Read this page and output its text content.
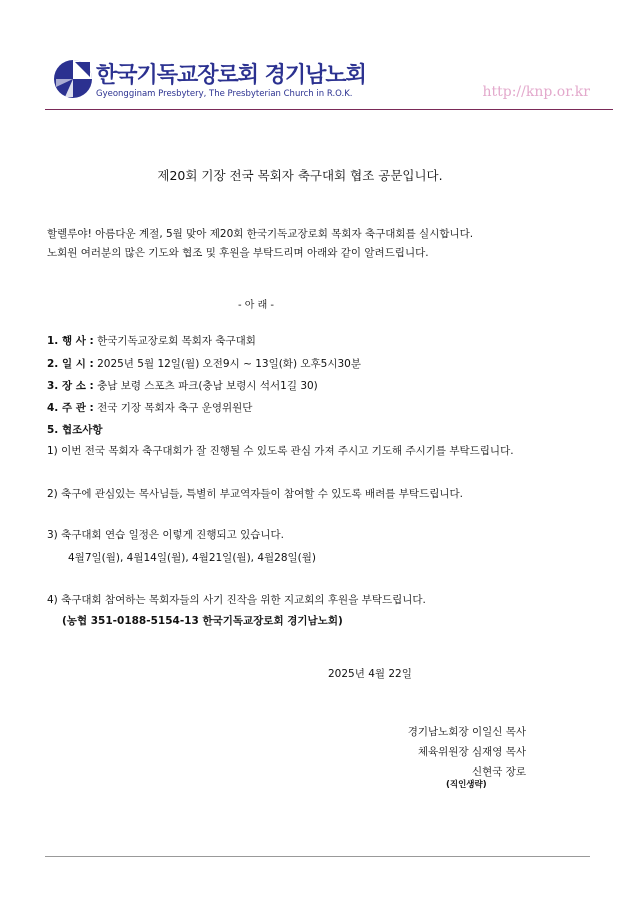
한국기독교장로회 경기남노회
Gyeongginam Presbytery, The Presbyterian Church in R.O.K.	http://knp.or.kr
제20회 기장 전국 목회자 축구대회 협조 공문입니다.
할렐루야! 아름다운 계절, 5월 맞아 제20회 한국기독교장로회 목회자 축구대회를 실시합니다.
노회원 여러분의 많은 기도와 협조 및 후원을 부탁드리며 아래와 같이 알려드립니다.
- 아 래 -
1. 행 사 : 한국기독교장로회 목회자 축구대회
2. 일 시 : 2025년 5월 12일(월) 오전9시 ~ 13일(화) 오후5시30분
3. 장 소 : 충남 보령 스포츠 파크(충남 보령시 석서1길 30)
4. 주 관 : 전국 기장 목회자 축구 운영위원단
5. 협조사항
1) 이번 전국 목회자 축구대회가 잘 진행될 수 있도록 관심 가져 주시고 기도해 주시기를 부탁드립니다.
2) 축구에 관심있는 목사님들, 특별히 부교역자들이 참여할 수 있도록 배려를 부탁드립니다.
3) 축구대회 연습 일정은 이렇게 진행되고 있습니다.
4월7일(월), 4월14일(월), 4월21일(월), 4월28일(월)
4) 축구대회 참여하는 목회자들의 사기 진작을 위한 지교회의 후원을 부탁드립니다.
(농협 351-0188-5154-13 한국기독교장로회 경기남노회)
2025년 4월 22일
경기남노회장 이일신 목사
체육위원장 심재영 목사
신현국 장로
(직인생략)
